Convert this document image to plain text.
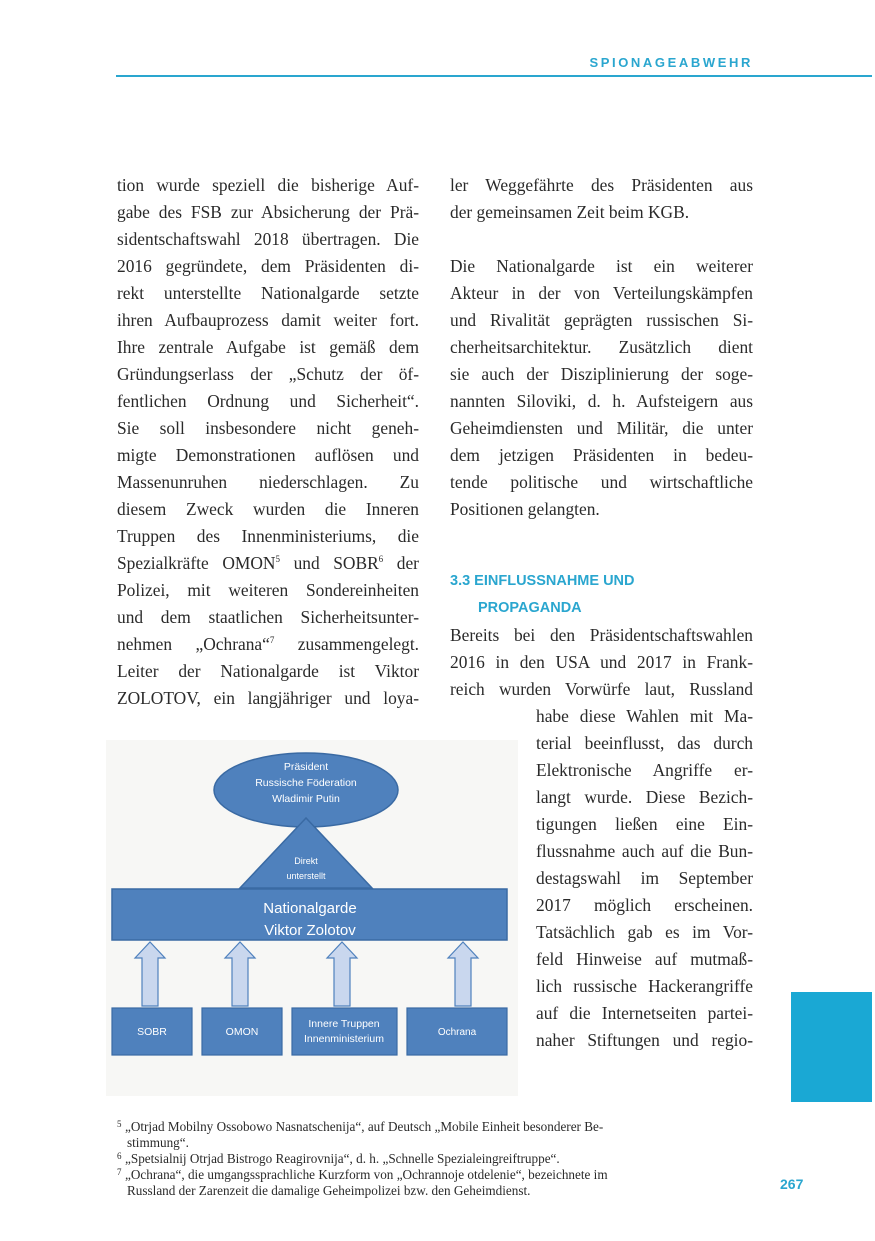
SPIONAGEABWEHR
tion wurde speziell die bisherige Auf-
gabe des FSB zur Absicherung der Prä-
sidentschaftswahl 2018 übertragen. Die
2016 gegründete, dem Präsidenten di-
rekt unterstellte Nationalgarde setzte
ihren Aufbauprozess damit weiter fort.
Ihre zentrale Aufgabe ist gemäß dem
Gründungserlass der „Schutz der öf-
fentlichen Ordnung und Sicherheit“.
Sie soll insbesondere nicht geneh-
migte Demonstrationen auflösen und
Massenunruhen niederschlagen. Zu
diesem Zweck wurden die Inneren
Truppen des Innenministeriums, die
Spezialkräfte OMON$^5$ und SOBR$^6$ der
Polizei, mit weiteren Sondereinheiten
und dem staatlichen Sicherheitsunter-
nehmen „Ochrana“$^7$ zusammengelegt.
Leiter der Nationalgarde ist Viktor
ZOLOTOV, ein langjähriger und loya-
ler Weggefährte des Präsidenten aus
der gemeinsamen Zeit beim KGB.
Die Nationalgarde ist ein weiterer
Akteur in der von Verteilungskämpfen
und Rivalität geprägten russischen Si-
cherheitsarchitektur. Zusätzlich dient
sie auch der Disziplinierung der soge-
nannten Siloviki, d. h. Aufsteigern aus
Geheimdiensten und Militär, die unter
dem jetzigen Präsidenten in bedeu-
tende politische und wirtschaftliche
Positionen gelangten.
3.3 EINFLUSSNAHME UND
PROPAGANDA
Bereits bei den Präsidentschaftswahlen
2016 in den USA und 2017 in Frank-
reich wurden Vorwürfe laut, Russland
habe diese Wahlen mit Ma-
terial beeinflusst, das durch
Elektronische Angriffe er-
langt wurde. Diese Bezich-
tigungen ließen eine Ein-
flussnahme auch auf die Bun-
destagswahl im September
2017 möglich erscheinen.
Tatsächlich gab es im Vor-
feld Hinweise auf mutmaß-
lich russische Hackerangriffe
auf die Internetseiten partei-
naher Stiftungen und regio-
Präsident
Russische Föderation
Wladimir Putin
Direkt
unterstellt
Nationalgarde
Viktor Zolotov
SOBR	OMON
Innere Truppen
Innenministerium
Ochrana
5 „Otrjad Mobilny Ossobowo Nasnatschenija“, auf Deutsch „Mobile Einheit besonderer Be-
stimmung“.
6 „Spetsialnij Otrjad Bistrogo Reagirovnija“, d. h. „Schnelle Spezialeingreiftruppe“.
7 „Ochrana“, die umgangssprachliche Kurzform von „Ochrannoje otdelenie“, bezeichnete im
Russland der Zarenzeit die damalige Geheimpolizei bzw. den Geheimdienst.	267
